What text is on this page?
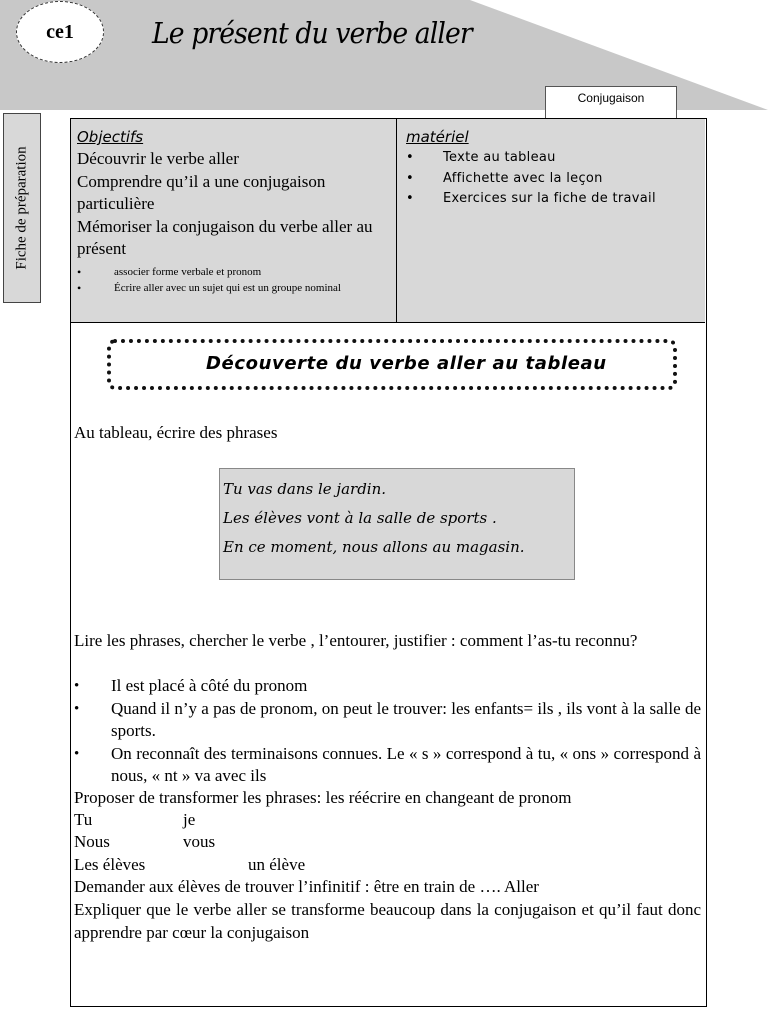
ce1	Le présent du verbe aller
Conjugaison
Fiche de préparation
Objectifs
Découvrir le verbe aller
Comprendre qu’il a une conjugaison particulière
Mémoriser la conjugaison du verbe aller au présent
• associer forme verbale et pronom
• Écrire aller avec un sujet qui est un groupe nominal
matériel
• Texte au tableau
• Affichette avec la leçon
• Exercices sur la fiche de travail
Découverte du verbe aller au tableau
Au tableau, écrire des phrases
Tu vas dans le jardin.
Les élèves vont à la salle de sports .
En ce moment, nous allons au magasin.
Lire les phrases, chercher le verbe , l’entourer, justifier : comment l’as-tu reconnu?
• Il est placé à côté du pronom
• Quand il n’y a pas de pronom, on peut le trouver: les enfants= ils , ils vont à la salle de sports.
• On reconnaît des terminaisons connues. Le « s » correspond à tu, « ons » correspond à nous, « nt » va avec ils
Proposer de transformer les phrases: les réécrire en changeant de pronom
Tu	je
Nous	vous
Les élèves	un élève
Demander aux élèves de trouver l’infinitif : être en train de …. Aller
Expliquer que le verbe aller se transforme beaucoup dans la conjugaison et qu’il faut donc apprendre par cœur la conjugaison
